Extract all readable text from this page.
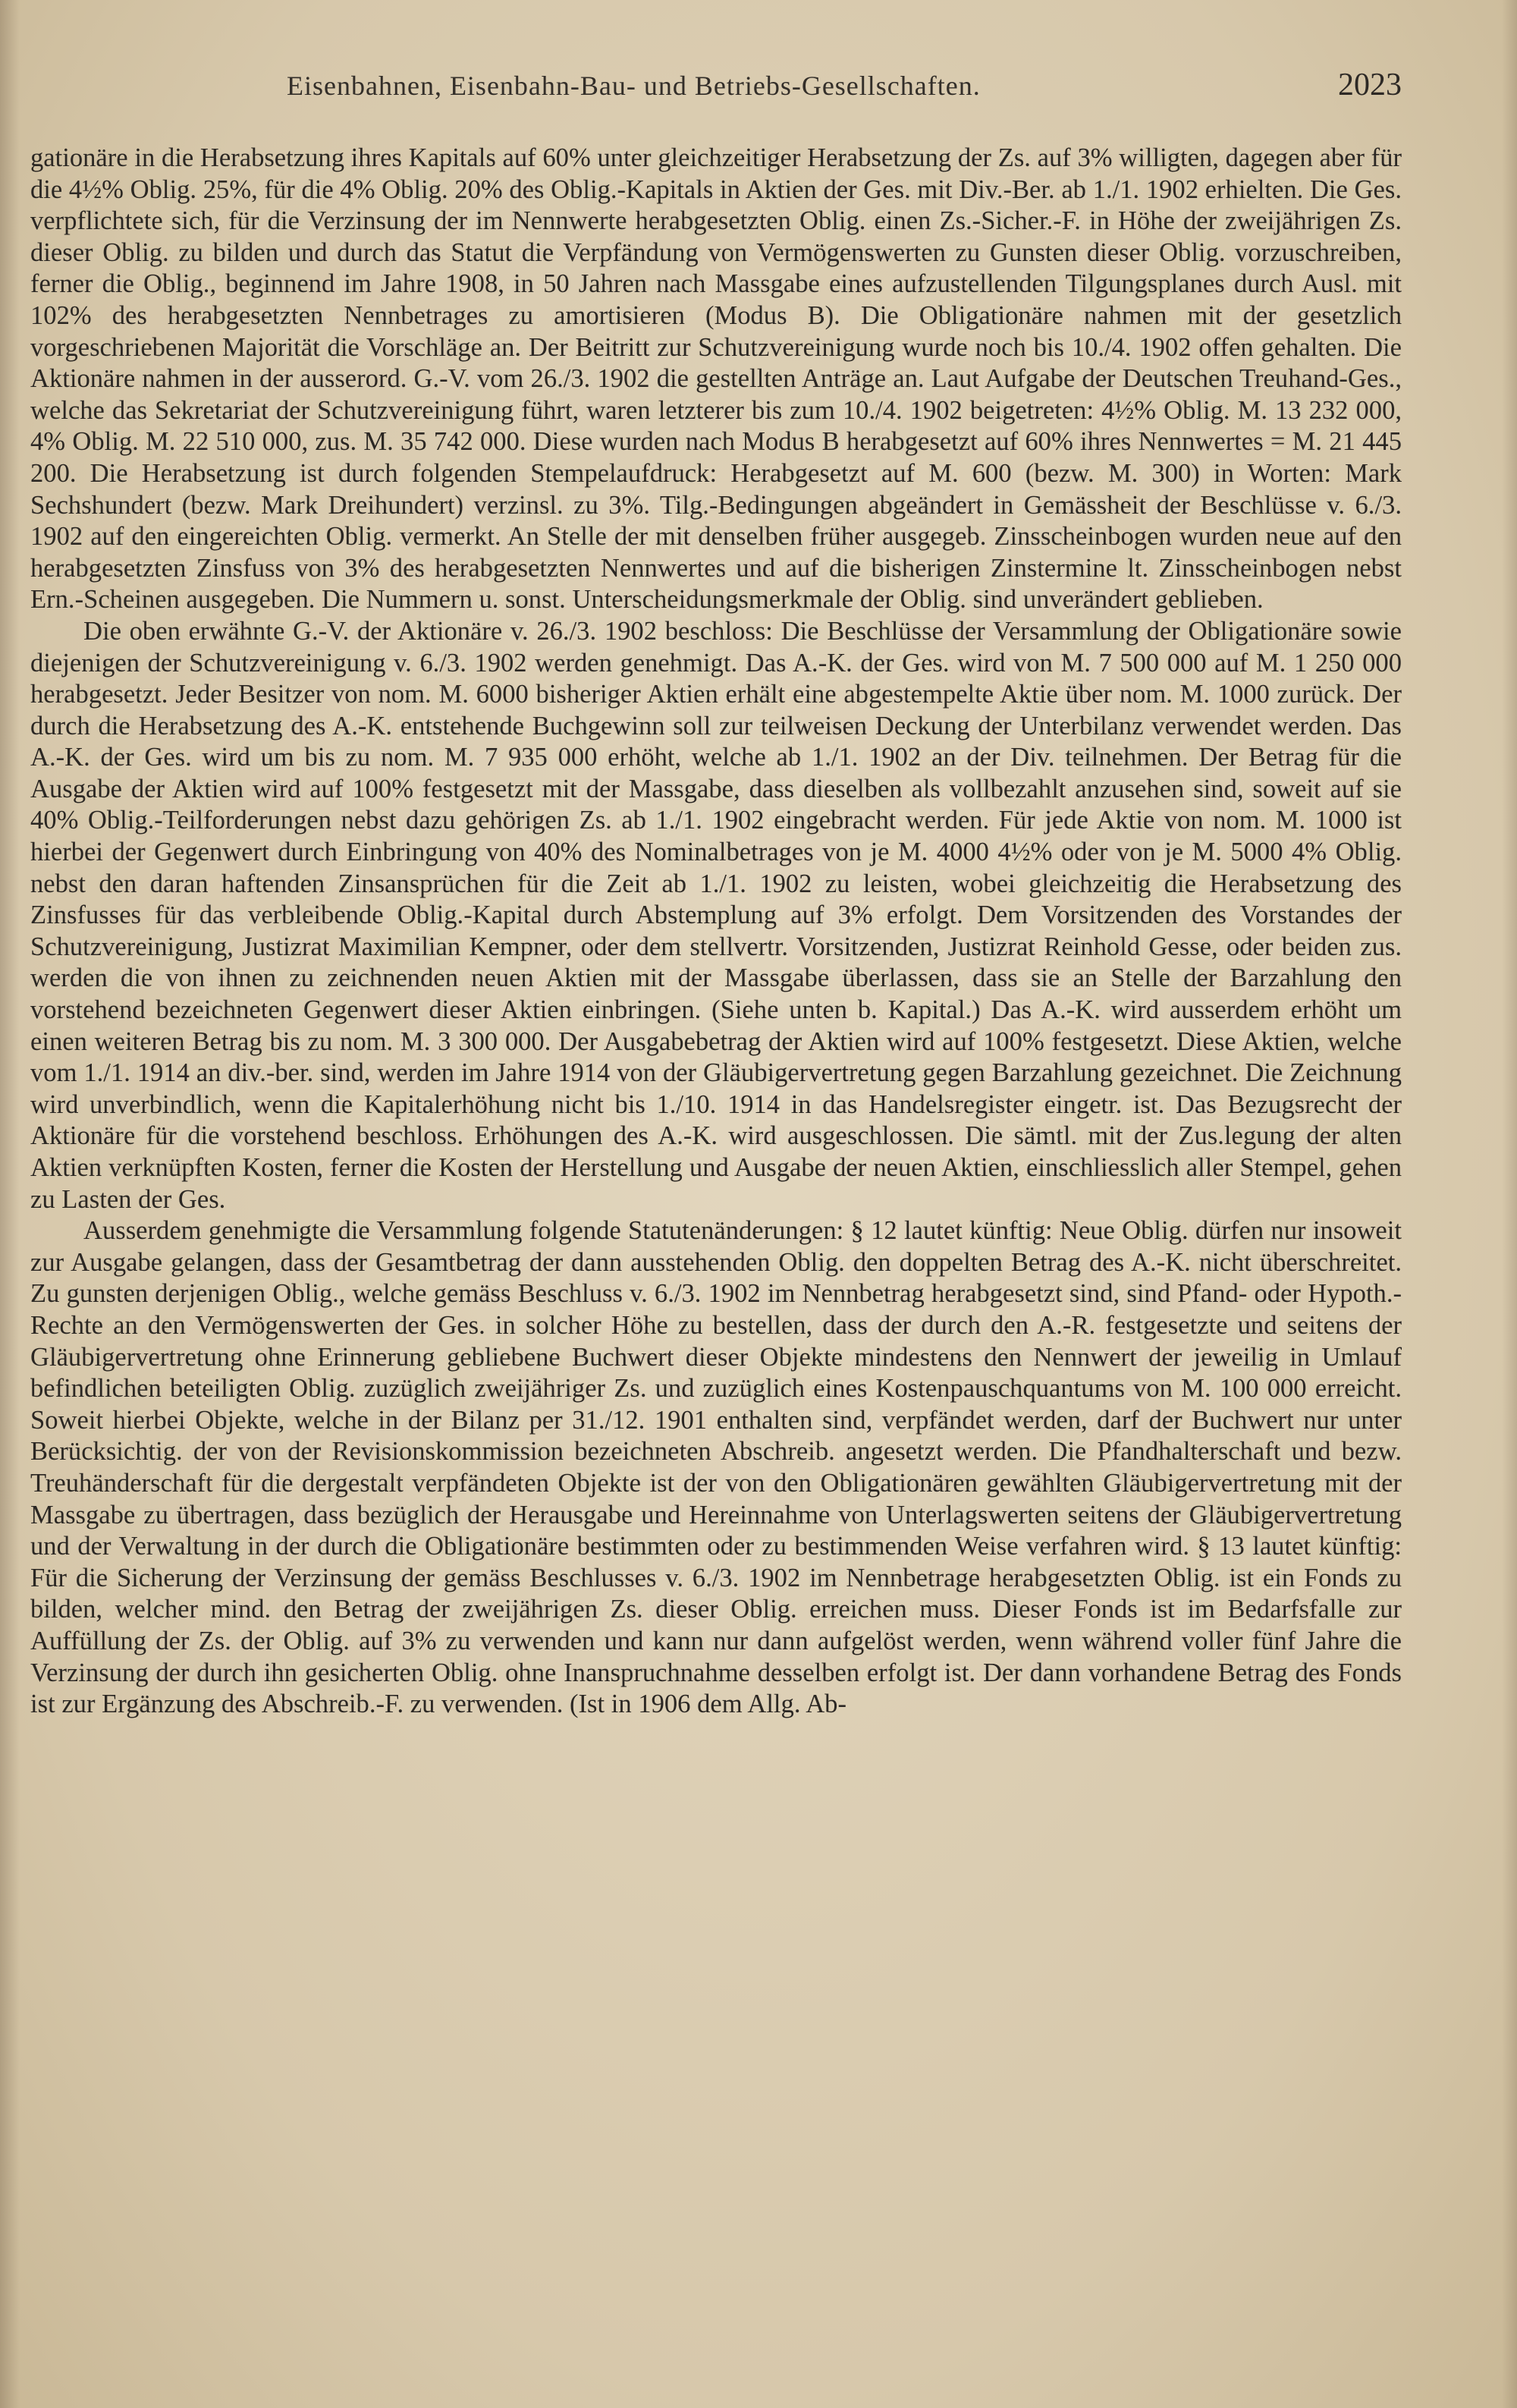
Eisenbahnen, Eisenbahn-Bau- und Betriebs-Gesellschaften.	2023

gationäre in die Herabsetzung ihres Kapitals auf 60% unter gleichzeitiger Herabsetzung der Zs. auf 3% willigten, dagegen aber für die 4½% Oblig. 25%, für die 4% Oblig. 20% des Oblig.-Kapitals in Aktien der Ges. mit Div.-Ber. ab 1./1. 1902 erhielten. Die Ges. verpflichtete sich, für die Verzinsung der im Nennwerte herabgesetzten Oblig. einen Zs.-Sicher.-F. in Höhe der zweijährigen Zs. dieser Oblig. zu bilden und durch das Statut die Verpfändung von Vermögenswerten zu Gunsten dieser Oblig. vorzuschreiben, ferner die Oblig., beginnend im Jahre 1908, in 50 Jahren nach Massgabe eines aufzustellenden Tilgungsplanes durch Ausl. mit 102% des herabgesetzten Nennbetrages zu amortisieren (Modus B). Die Obligationäre nahmen mit der gesetzlich vorgeschriebenen Majorität die Vorschläge an. Der Beitritt zur Schutzvereinigung wurde noch bis 10./4. 1902 offen gehalten. Die Aktionäre nahmen in der ausserord. G.-V. vom 26./3. 1902 die gestellten Anträge an. Laut Aufgabe der Deutschen Treuhand-Ges., welche das Sekretariat der Schutzvereinigung führt, waren letzterer bis zum 10./4. 1902 beigetreten: 4½% Oblig. M. 13 232 000, 4% Oblig. M. 22 510 000, zus. M. 35 742 000. Diese wurden nach Modus B herabgesetzt auf 60% ihres Nennwertes = M. 21 445 200. Die Herabsetzung ist durch folgenden Stempelaufdruck: Herabgesetzt auf M. 600 (bezw. M. 300) in Worten: Mark Sechshundert (bezw. Mark Dreihundert) verzinsl. zu 3%. Tilg.-Bedingungen abgeändert in Gemässheit der Beschlüsse v. 6./3. 1902 auf den eingereichten Oblig. vermerkt. An Stelle der mit denselben früher ausgegeb. Zinsscheinbogen wurden neue auf den herabgesetzten Zinsfuss von 3% des herabgesetzten Nennwertes und auf die bisherigen Zinstermine lt. Zinsscheinbogen nebst Ern.-Scheinen ausgegeben. Die Nummern u. sonst. Unterscheidungsmerkmale der Oblig. sind unverändert geblieben.

Die oben erwähnte G.-V. der Aktionäre v. 26./3. 1902 beschloss: Die Beschlüsse der Versammlung der Obligationäre sowie diejenigen der Schutzvereinigung v. 6./3. 1902 werden genehmigt. Das A.-K. der Ges. wird von M. 7 500 000 auf M. 1 250 000 herabgesetzt. Jeder Besitzer von nom. M. 6000 bisheriger Aktien erhält eine abgestempelte Aktie über nom. M. 1000 zurück. Der durch die Herabsetzung des A.-K. entstehende Buchgewinn soll zur teilweisen Deckung der Unterbilanz verwendet werden. Das A.-K. der Ges. wird um bis zu nom. M. 7 935 000 erhöht, welche ab 1./1. 1902 an der Div. teilnehmen. Der Betrag für die Ausgabe der Aktien wird auf 100% festgesetzt mit der Massgabe, dass dieselben als vollbezahlt anzusehen sind, soweit auf sie 40% Oblig.-Teilforderungen nebst dazu gehörigen Zs. ab 1./1. 1902 eingebracht werden. Für jede Aktie von nom. M. 1000 ist hierbei der Gegenwert durch Einbringung von 40% des Nominalbetrages von je M. 4000 4½% oder von je M. 5000 4% Oblig. nebst den daran haftenden Zinsansprüchen für die Zeit ab 1./1. 1902 zu leisten, wobei gleichzeitig die Herabsetzung des Zinsfusses für das verbleibende Oblig.-Kapital durch Abstemplung auf 3% erfolgt. Dem Vorsitzenden des Vorstandes der Schutzvereinigung, Justizrat Maximilian Kempner, oder dem stellvertr. Vorsitzenden, Justizrat Reinhold Gesse, oder beiden zus. werden die von ihnen zu zeichnenden neuen Aktien mit der Massgabe überlassen, dass sie an Stelle der Barzahlung den vorstehend bezeichneten Gegenwert dieser Aktien einbringen. (Siehe unten b. Kapital.) Das A.-K. wird ausserdem erhöht um einen weiteren Betrag bis zu nom. M. 3 300 000. Der Ausgabebetrag der Aktien wird auf 100% festgesetzt. Diese Aktien, welche vom 1./1. 1914 an div.-ber. sind, werden im Jahre 1914 von der Gläubigervertretung gegen Barzahlung gezeichnet. Die Zeichnung wird unverbindlich, wenn die Kapitalerhöhung nicht bis 1./10. 1914 in das Handelsregister eingetr. ist. Das Bezugsrecht der Aktionäre für die vorstehend beschloss. Erhöhungen des A.-K. wird ausgeschlossen. Die sämtl. mit der Zus.legung der alten Aktien verknüpften Kosten, ferner die Kosten der Herstellung und Ausgabe der neuen Aktien, einschliesslich aller Stempel, gehen zu Lasten der Ges.

Ausserdem genehmigte die Versammlung folgende Statutenänderungen: § 12 lautet künftig: Neue Oblig. dürfen nur insoweit zur Ausgabe gelangen, dass der Gesamtbetrag der dann ausstehenden Oblig. den doppelten Betrag des A.-K. nicht überschreitet. Zu gunsten derjenigen Oblig., welche gemäss Beschluss v. 6./3. 1902 im Nennbetrag herabgesetzt sind, sind Pfand- oder Hypoth.-Rechte an den Vermögenswerten der Ges. in solcher Höhe zu bestellen, dass der durch den A.-R. festgesetzte und seitens der Gläubigervertretung ohne Erinnerung gebliebene Buchwert dieser Objekte mindestens den Nennwert der jeweilig in Umlauf befindlichen beteiligten Oblig. zuzüglich zweijähriger Zs. und zuzüglich eines Kostenpauschquantums von M. 100 000 erreicht. Soweit hierbei Objekte, welche in der Bilanz per 31./12. 1901 enthalten sind, verpfändet werden, darf der Buchwert nur unter Berücksichtig. der von der Revisionskommission bezeichneten Abschreib. angesetzt werden. Die Pfandhalterschaft und bezw. Treuhänderschaft für die dergestalt verpfändeten Objekte ist der von den Obligationären gewählten Gläubigervertretung mit der Massgabe zu übertragen, dass bezüglich der Herausgabe und Hereinnahme von Unterlagswerten seitens der Gläubigervertretung und der Verwaltung in der durch die Obligationäre bestimmten oder zu bestimmenden Weise verfahren wird. § 13 lautet künftig: Für die Sicherung der Verzinsung der gemäss Beschlusses v. 6./3. 1902 im Nennbetrage herabgesetzten Oblig. ist ein Fonds zu bilden, welcher mind. den Betrag der zweijährigen Zs. dieser Oblig. erreichen muss. Dieser Fonds ist im Bedarfsfalle zur Auffüllung der Zs. der Oblig. auf 3% zu verwenden und kann nur dann aufgelöst werden, wenn während voller fünf Jahre die Verzinsung der durch ihn gesicherten Oblig. ohne Inanspruchnahme desselben erfolgt ist. Der dann vorhandene Betrag des Fonds ist zur Ergänzung des Abschreib.-F. zu verwenden. (Ist in 1906 dem Allg. Ab-
